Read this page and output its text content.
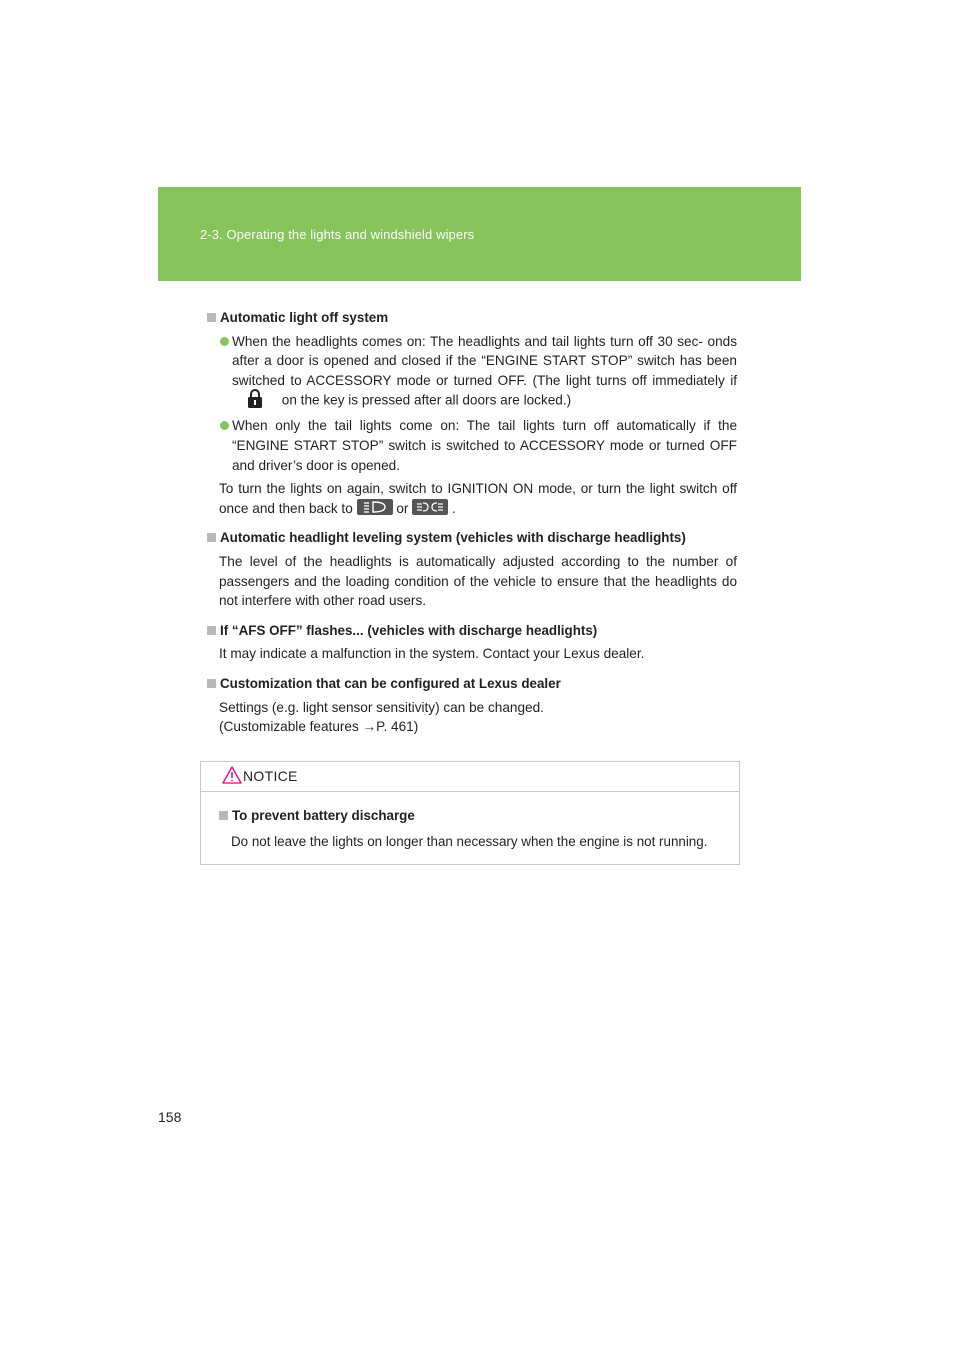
2-3. Operating the lights and windshield wipers
Automatic light off system
When the headlights comes on: The headlights and tail lights turn off 30 sec- onds after a door is opened and closed if the “ENGINE START STOP” switch has been switched to ACCESSORY mode or turned OFF. (The light turns off immediately if  on the key is pressed after all doors are locked.)
When only the tail lights come on: The tail lights turn off automatically if the “ENGINE START STOP” switch is switched to ACCESSORY mode or turned OFF and driver’s door is opened.
To turn the lights on again, switch to IGNITION ON mode, or turn the light switch off once and then back to	or	.
Automatic headlight leveling system (vehicles with discharge headlights)
The level of the headlights is automatically adjusted according to the number of passengers and the loading condition of the vehicle to ensure that the headlights do not interfere with other road users.
If “AFS OFF” flashes... (vehicles with discharge headlights)
It may indicate a malfunction in the system. Contact your Lexus dealer.
Customization that can be configured at Lexus dealer
Settings (e.g. light sensor sensitivity) can be changed.
(Customizable features →P. 461)
NOTICE
To prevent battery discharge
Do not leave the lights on longer than necessary when the engine is not running.
158
